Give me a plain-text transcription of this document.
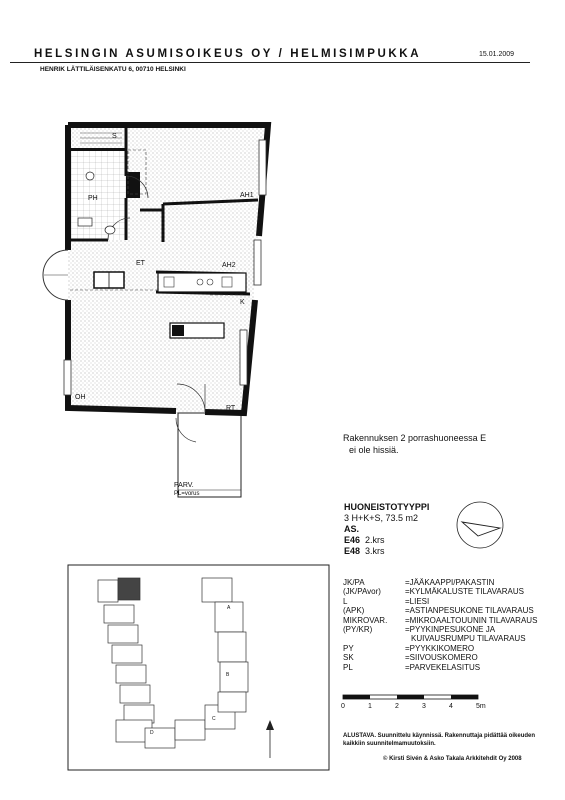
HELSINGIN ASUMISOIKEUS OY / HELMISIMPUKKA	15.01.2009
HENRIK LÄTTILÄISENKATU 6, 00710 HELSINKI
S
PH	AH1
ET	AH2
K
OH
RT
PARV.
PL=vorus
A
B
C
D
Rakennuksen 2 porrashuoneessa E
ei ole hissiä.
HUONEISTOTYYPPI
3 H+K+S, 73.5 m2
AS.
E46 2.krs
E48 3.krs
JK/PA	=JÄÄKAAPPI/PAKASTIN
(JK/PAvor)	=KYLMÄKALUSTE TILAVARAUS
L	=LIESI
(APK)	=ASTIANPESUKONE TILAVARAUS
MIKROVAR.	=MIKROAALTOUUNIN TILAVARAUS
(PY/KR)	=PYYKINPESUKONE JA
KUIVAUSRUMPU TILAVARAUS
PY	=PYYKKIKOMERO
SK	=SIIVOUSKOMERO
PL	=PARVEKELASITUS
0	1	2	3	4	5m
ALUSTAVA. Suunnittelu käynnissä. Rakennuttaja pidättää oikeuden kaikkiin suunnitelmamuutoksiin.
© Kirsti Sivén & Asko Takala Arkkitehdit Oy 2008
